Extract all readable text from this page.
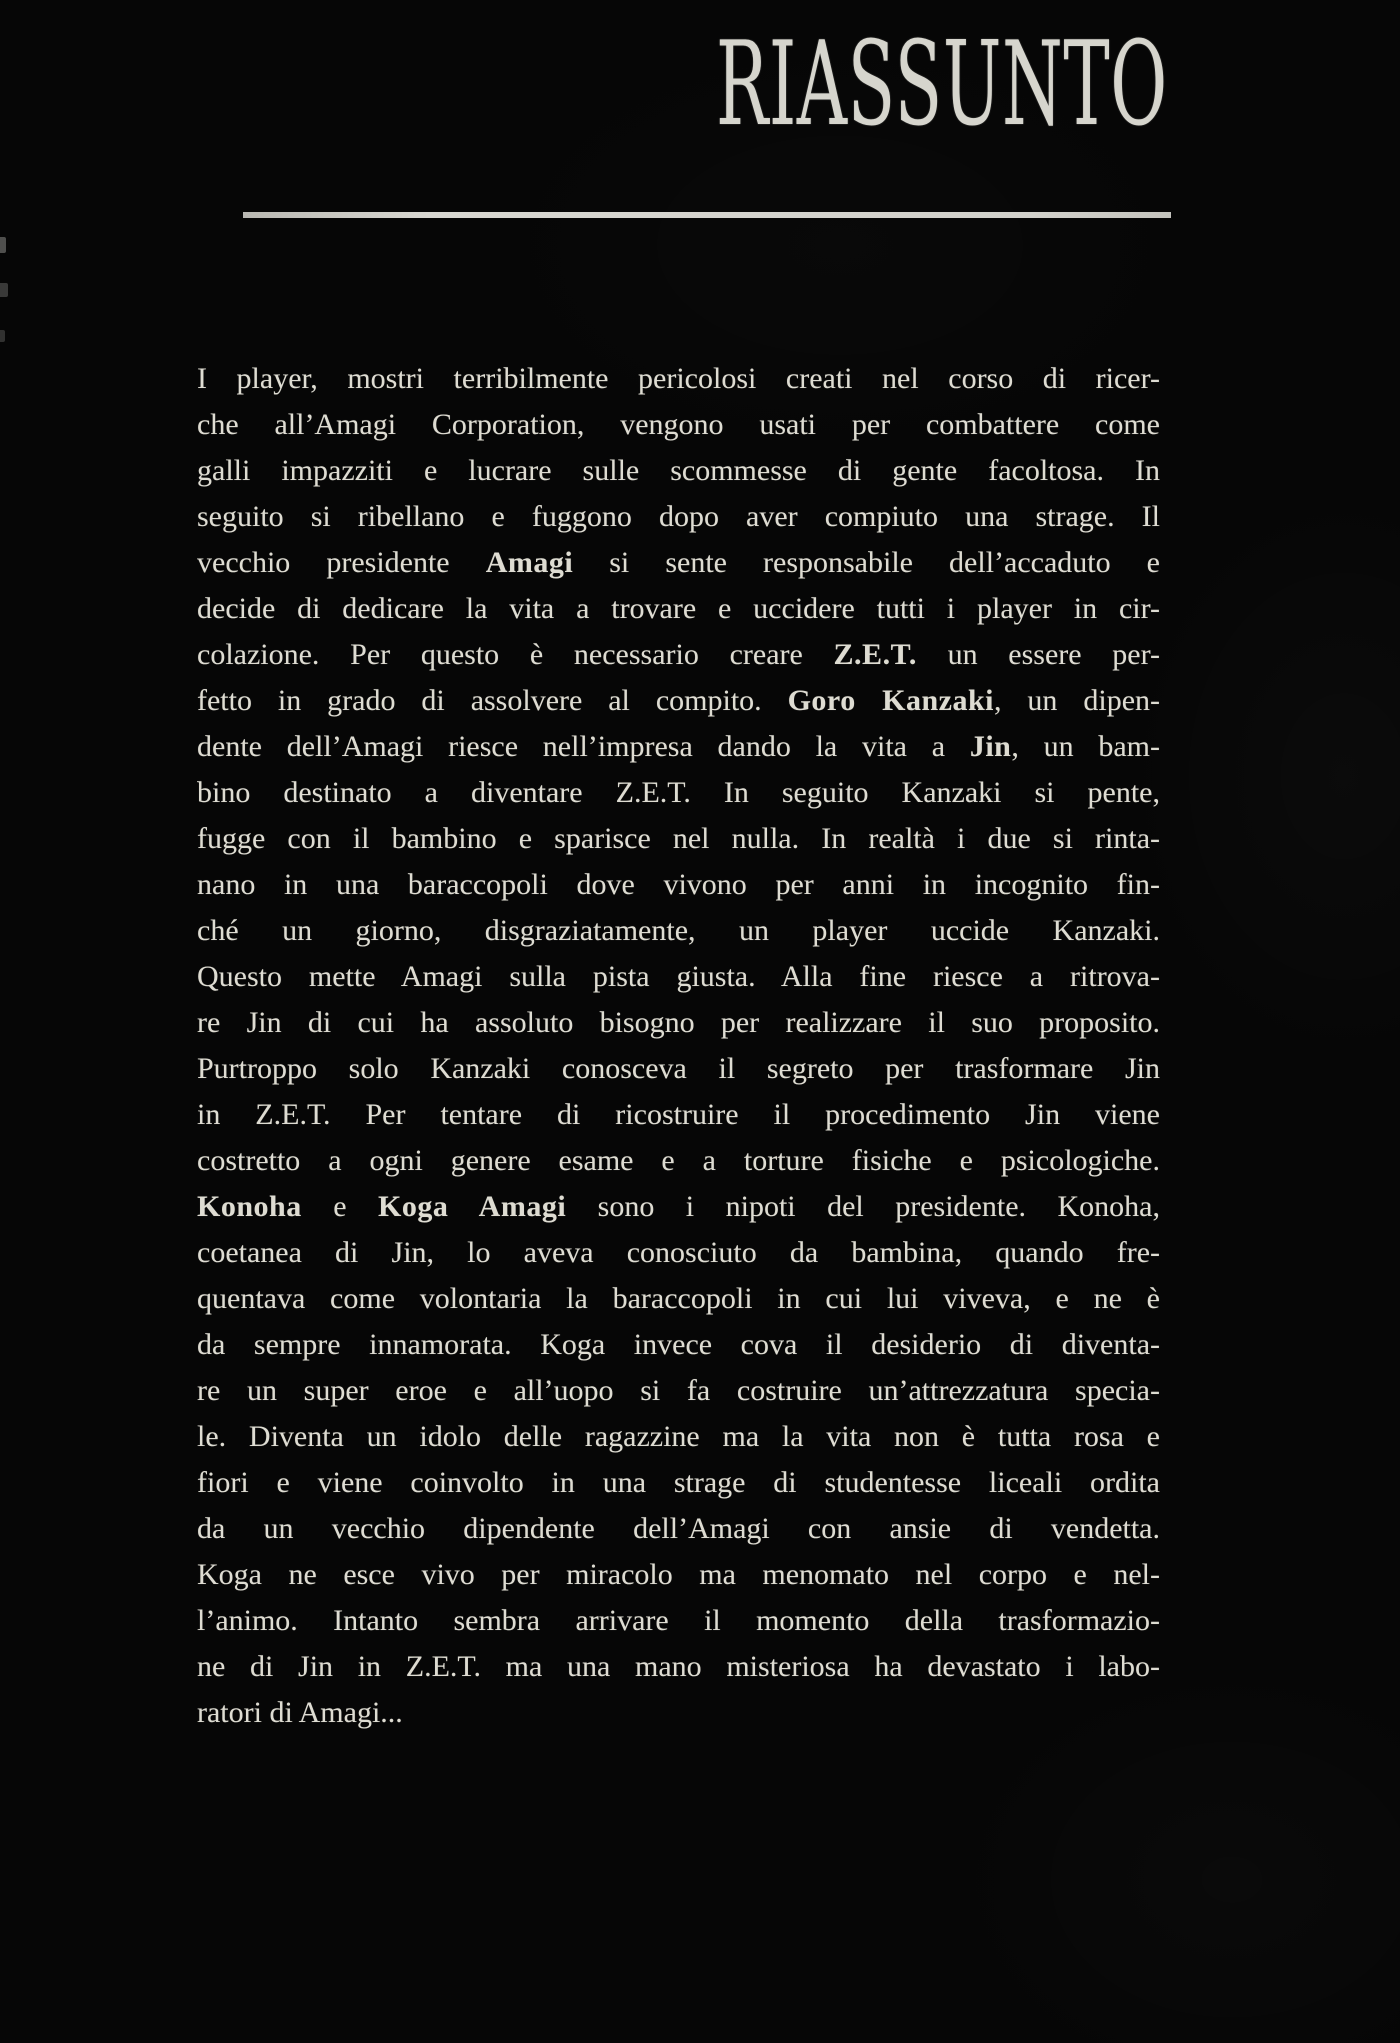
RIASSUNTO
I player, mostri terribilmente pericolosi creati nel corso di ricer-
che all’Amagi Corporation, vengono usati per combattere come
galli impazziti e lucrare sulle scommesse di gente facoltosa. In
seguito si ribellano e fuggono dopo aver compiuto una strage. Il
vecchio presidente Amagi si sente responsabile dell’accaduto e
decide di dedicare la vita a trovare e uccidere tutti i player in cir-
colazione. Per questo è necessario creare Z.E.T. un essere per-
fetto in grado di assolvere al compito. Goro Kanzaki, un dipen-
dente dell’Amagi riesce nell’impresa dando la vita a Jin, un bam-
bino destinato a diventare Z.E.T. In seguito Kanzaki si pente,
fugge con il bambino e sparisce nel nulla. In realtà i due si rinta-
nano in una baraccopoli dove vivono per anni in incognito fin-
ché un giorno, disgraziatamente, un player uccide Kanzaki.
Questo mette Amagi sulla pista giusta. Alla fine riesce a ritrova-
re Jin di cui ha assoluto bisogno per realizzare il suo proposito.
Purtroppo solo Kanzaki conosceva il segreto per trasformare Jin
in Z.E.T. Per tentare di ricostruire il procedimento Jin viene
costretto a ogni genere esame e a torture fisiche e psicologiche.
Konoha e Koga Amagi sono i nipoti del presidente. Konoha,
coetanea di Jin, lo aveva conosciuto da bambina, quando fre-
quentava come volontaria la baraccopoli in cui lui viveva, e ne è
da sempre innamorata. Koga invece cova il desiderio di diventa-
re un super eroe e all’uopo si fa costruire un’attrezzatura specia-
le. Diventa un idolo delle ragazzine ma la vita non è tutta rosa e
fiori e viene coinvolto in una strage di studentesse liceali ordita
da un vecchio dipendente dell’Amagi con ansie di vendetta.
Koga ne esce vivo per miracolo ma menomato nel corpo e nel-
l’animo. Intanto sembra arrivare il momento della trasformazio-
ne di Jin in Z.E.T. ma una mano misteriosa ha devastato i labo-
ratori di Amagi...
